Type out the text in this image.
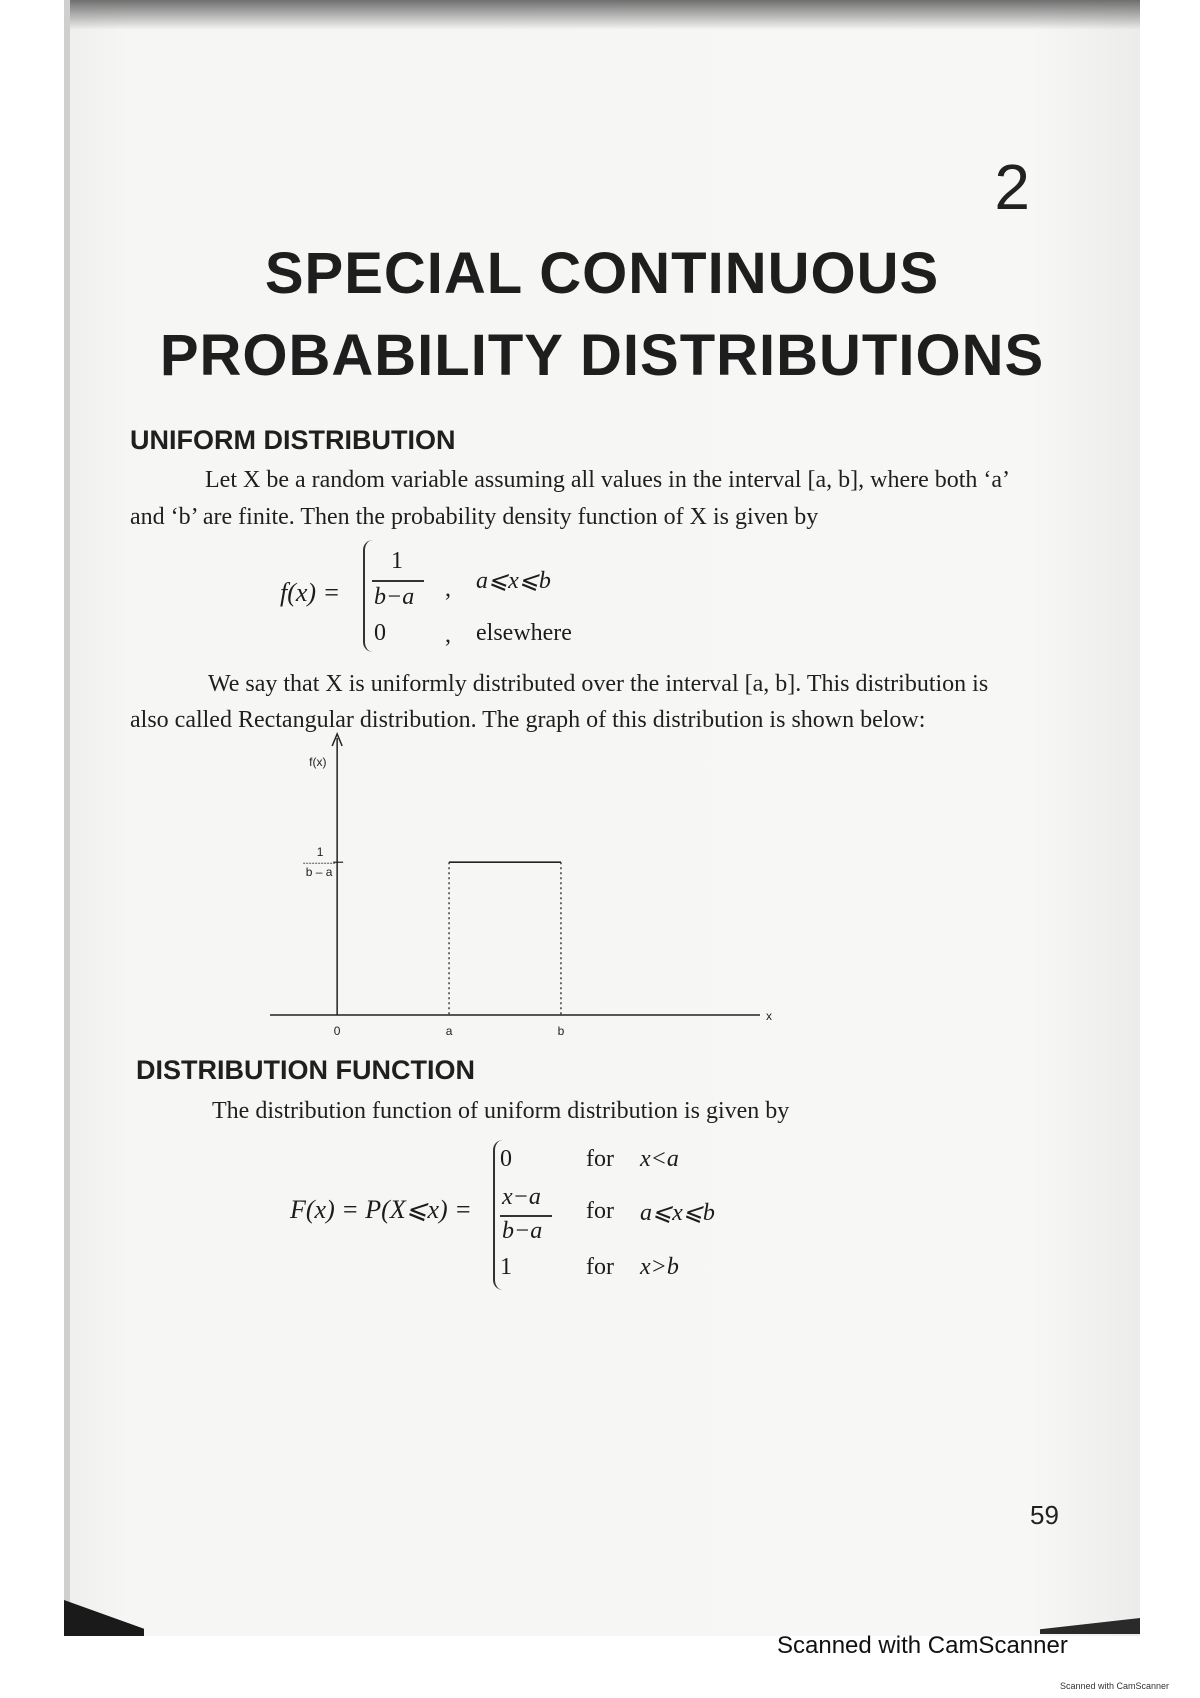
2
SPECIAL CONTINUOUS
PROBABILITY DISTRIBUTIONS
UNIFORM DISTRIBUTION
Let X be a random variable assuming all values in the interval [a, b], where both ‘a’
and ‘b’ are finite. Then the probability density function of X is given by
f(x) =
1
b−a , a⩽x⩽b
0 , elsewhere
We say that X is uniformly distributed over the interval [a, b]. This distribution is
also called Rectangular distribution. The graph of this distribution is shown below:
f(x)
x
1
b – a
0	a	b
DISTRIBUTION FUNCTION
The distribution function of uniform distribution is given by
F(x) = P(X⩽x) =
0	for x<a
x−a
b−a
for a⩽x⩽b
1	for x>b
59
Scanned with CamScanner
Scanned with CamScanner
